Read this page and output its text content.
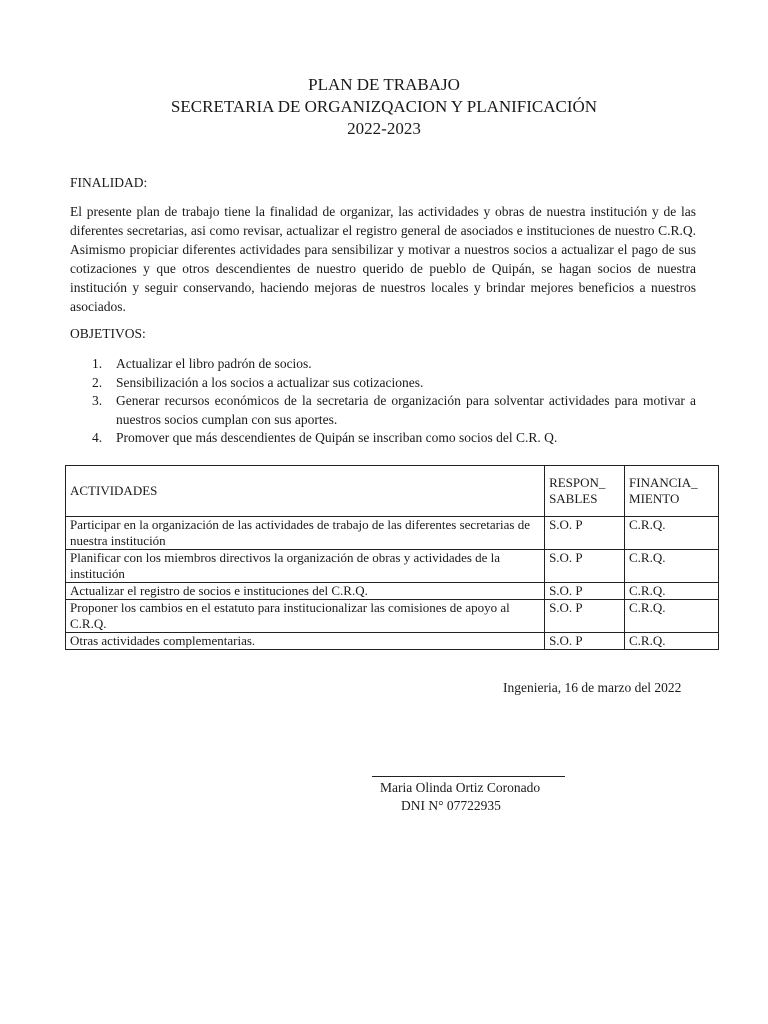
PLAN DE TRABAJO

SECRETARIA DE ORGANIZQACION Y PLANIFICACIÓN

2022-2023

FINALIDAD:

El presente plan de trabajo tiene la finalidad de organizar, las actividades y obras de nuestra institución y de las diferentes secretarias, asi como revisar, actualizar el registro general de asociados e instituciones de nuestro C.R.Q. Asimismo propiciar diferentes actividades para sensibilizar y motivar a nuestros socios a actualizar el pago de sus cotizaciones y que otros descendientes de nuestro querido de pueblo de Quipán, se hagan socios de nuestra institución y seguir conservando, haciendo mejoras de nuestros locales y brindar mejores beneficios a nuestros asociados.

OBJETIVOS:
1.	Actualizar el libro padrón de socios.
2.	Sensibilización a los socios a actualizar sus cotizaciones.
3.	Generar recursos económicos de la secretaria de organización para solventar actividades para motivar a nuestros socios cumplan con sus aportes.
4.	Promover que más descendientes de Quipán se inscriban como socios del C.R. Q.
ACTIVIDADES	RESPON_ SABLES	FINANCIA_ MIENTO
Participar en la organización de las actividades de trabajo de las diferentes secretarias de nuestra institución	S.O. P	C.R.Q.
Planificar con los miembros directivos la organización de obras y actividades de la institución	S.O. P	C.R.Q.
Actualizar el registro de socios e instituciones del C.R.Q.	S.O. P	C.R.Q.
Proponer los cambios en el estatuto para institucionalizar las comisiones de apoyo al C.R.Q.	S.O. P	C.R.Q.
Otras actividades complementarias.	S.O. P	C.R.Q.
Ingenieria, 16 de marzo del 2022
Maria Olinda Ortiz Coronado
DNI N° 07722935
